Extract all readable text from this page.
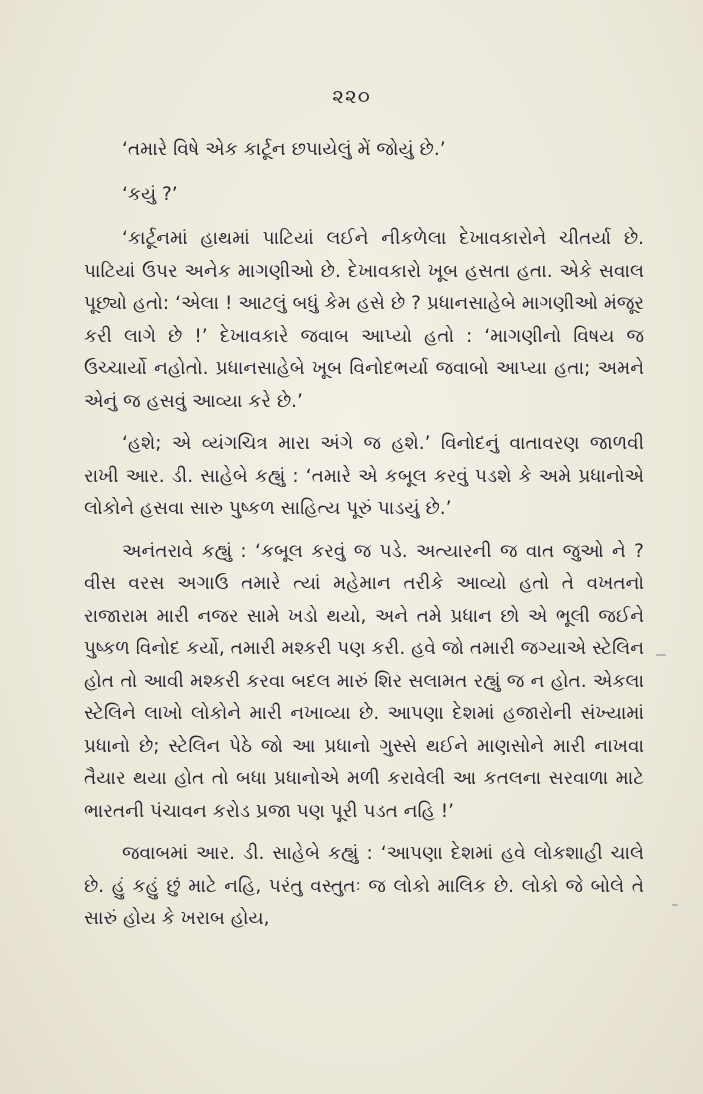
૨૨૦

‘તમારે વિષે એક કાર્ટૂન છપાયેલું મેં જોયું છે.’

‘કયું ?’

‘કાર્ટૂનમાં હાથમાં પાટિયાં લઈને નીકળેલા દેખાવકારોને ચીતર્યા છે. પાટિયાં ઉપર અનેક માગણીઓ છે. દેખાવકારો ખૂબ હસતા હતા. એકે સવાલ પૂછ્યો હતો: ‘એલા ! આટલું બધું કેમ હસે છે ? પ્રધાનસાહેબે માગણીઓ મંજૂર કરી લાગે છે !’ દેખાવકારે જવાબ આપ્યો હતો : ‘માગણીનો વિષય જ ઉચ્ચાર્યો નહોતો. પ્રધાનસાહેબે ખૂબ વિનોદભર્યા જવાબો આપ્યા હતા; અમને એનું જ હસવું આવ્યા કરે છે.’

‘હશે; એ વ્યંગચિત્ર મારા અંગે જ હશે.’ વિનોદનું વાતાવરણ જાળવી રાખી આર. ડી. સાહેબે કહ્યું : ‘તમારે એ કબૂલ કરવું પડશે કે અમે પ્રધાનોએ લોકોને હસવા સારુ પુષ્કળ સાહિત્ય પૂરું પાડયું છે.’

અનંતરાવે કહ્યું : ‘કબૂલ કરવું જ પડે. અત્યારની જ વાત જુઓ ને ? વીસ વરસ અગાઉ તમારે ત્યાં મહેમાન તરીકે આવ્યો હતો તે વખતનો રાજારામ મારી નજર સામે ખડો થયો, અને તમે પ્રધાન છો એ ભૂલી જઈને પુષ્કળ વિનોદ કર્યો, તમારી મશ્કરી પણ કરી. હવે જો તમારી જગ્યાએ સ્ટેલિન હોત તો આવી મશ્કરી કરવા બદલ મારું શિર સલામત રહ્યું જ ન હોત. એકલા સ્ટેલિને લાખો લોકોને મારી નખાવ્યા છે. આપણા દેશમાં હજારોની સંખ્યામાં પ્રધાનો છે; સ્ટેલિન પેઠે જો આ પ્રધાનો ગુસ્સે થઈને માણસોને મારી નાખવા તૈયાર થયા હોત તો બધા પ્રધાનોએ મળી કરાવેલી આ કતલના સરવાળા માટે ભારતની પંચાવન કરોડ પ્રજા પણ પૂરી પડત નહિ !’

જવાબમાં આર. ડી. સાહેબે કહ્યું : ‘આપણા દેશમાં હવે લોકશાહી ચાલે છે. હું કહું છું માટે નહિ, પરંતુ વસ્તુતઃ જ લોકો માલિક છે. લોકો જે બોલે તે સારું હોય કે ખરાબ હોય,
